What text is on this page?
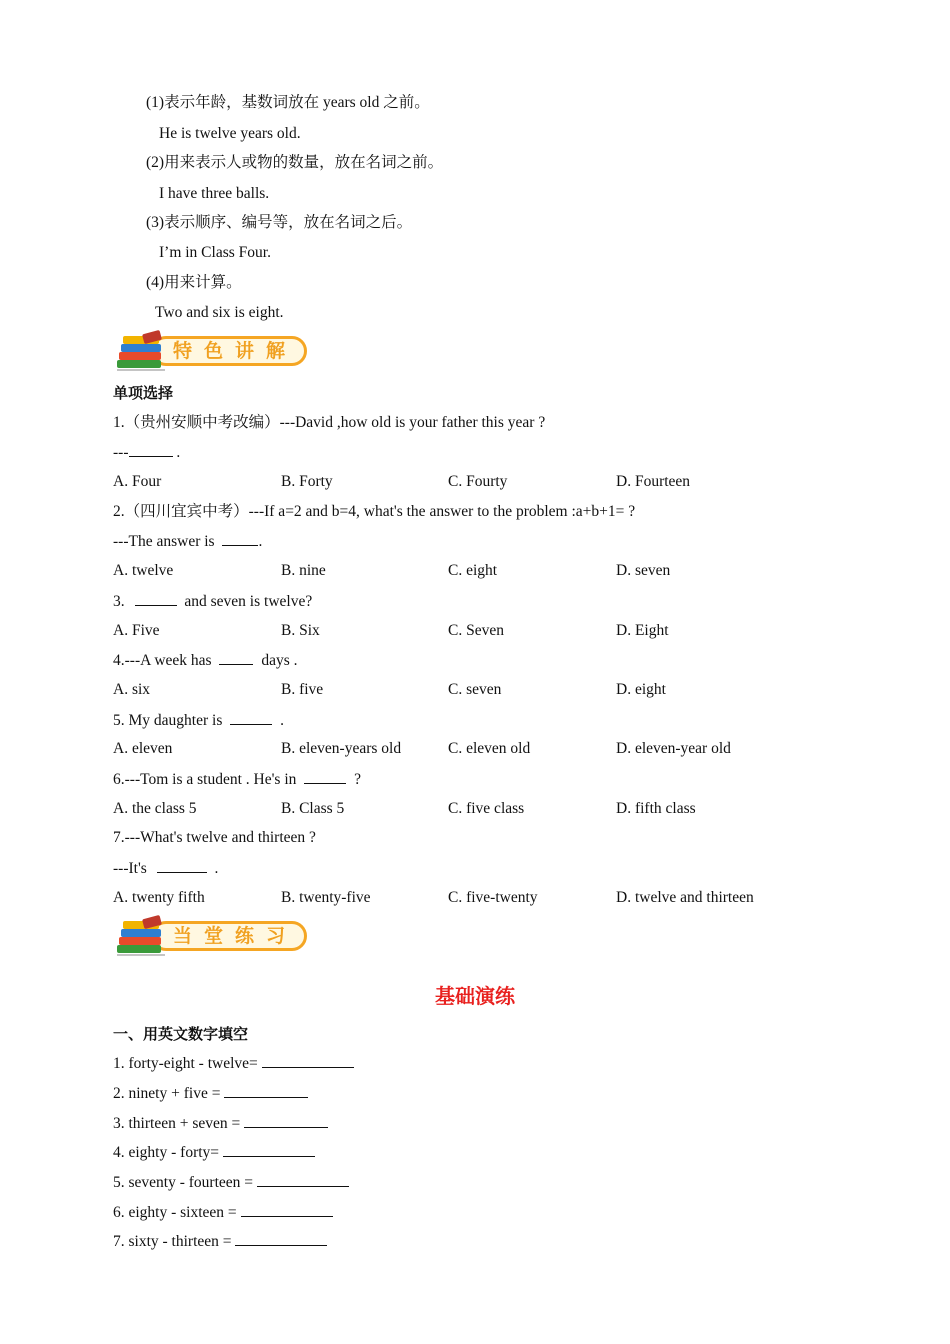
(1)表示年龄，基数词放在 years old 之前。
He is twelve years old.
(2)用来表示人或物的数量，放在名词之前。
I have three balls.
(3)表示顺序、编号等，放在名词之后。
I’m in Class Four.
(4)用来计算。
Two and six is eight.
特色讲解
单项选择
1.（贵州安顺中考改编）---David ,how old is your father this year ?
---	.
A. Four	B. Forty	C. Fourty	D. Fourteen
2.（四川宜宾中考）---If a=2 and b=4, what's the answer to the problem :a+b+1= ?
---The answer is	.
A. twelve	B. nine	C. eight	D. seven
3.	and seven is twelve?
A. Five	B. Six	C. Seven	D. Eight
4.---A week has	days .
A. six	B. five	C. seven	D. eight
5. My daughter is	.
A. eleven	B. eleven-years old	C. eleven old	D. eleven-year old
6.---Tom is a student . He's in	?
A. the class 5	B. Class 5	C. five class	D. fifth class
7.---What's twelve and thirteen ?
---It's	.
A. twenty fifth	B. twenty-five	C. five-twenty	D. twelve and thirteen
当堂练习
基础演练
一、用英文数字填空
1. forty-eight - twelve=
2. ninety + five =
3. thirteen + seven =
4. eighty - forty=
5. seventy - fourteen =
6. eighty - sixteen =
7. sixty - thirteen =
